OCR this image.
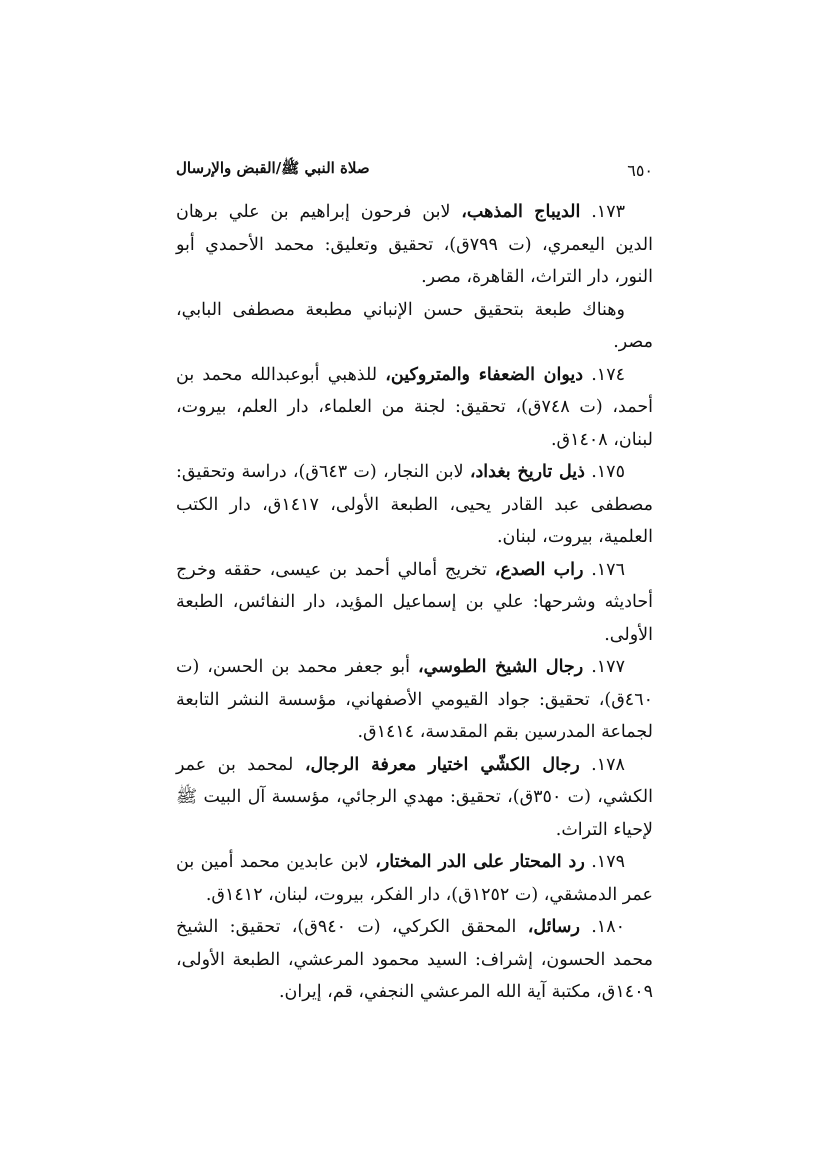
٦٥٠
صلاة النبي ﷺ/القبض والإرسال

١٧٣. الديباج المذهب، لابن فرحون إبراهيم بن علي برهان الدين اليعمري، (ت ٧٩٩ق)، تحقيق وتعليق: محمد الأحمدي أبو النور، دار التراث، القاهرة، مصر.

وهناك طبعة بتحقيق حسن الإنباني مطبعة مصطفى البابي، مصر.

١٧٤. ديوان الضعفاء والمتروكين، للذهبي أبوعبدالله محمد بن أحمد، (ت ٧٤٨ق)، تحقيق: لجنة من العلماء، دار العلم، بيروت، لبنان، ١٤٠٨ق.

١٧٥. ذيل تاريخ بغداد، لابن النجار، (ت ٦٤٣ق)، دراسة وتحقيق: مصطفى عبد القادر يحيى، الطبعة الأولى، ١٤١٧ق، دار الكتب العلمية، بيروت، لبنان.

١٧٦. راب الصدع، تخريج أمالي أحمد بن عيسى، حققه وخرج أحاديثه وشرحها: علي بن إسماعيل المؤيد، دار النفائس، الطبعة الأولى.

١٧٧. رجال الشيخ الطوسي، أبو جعفر محمد بن الحسن، (ت ٤٦٠ق)، تحقيق: جواد القيومي الأصفهاني، مؤسسة النشر التابعة لجماعة المدرسين بقم المقدسة، ١٤١٤ق.

١٧٨. رجال الكشّي اختيار معرفة الرجال، لمحمد بن عمر الكشي، (ت ٣٥٠ق)، تحقيق: مهدي الرجائي، مؤسسة آل البيت ﷺ لإحياء التراث.

١٧٩. رد المحتار على الدر المختار، لابن عابدين محمد أمين بن عمر الدمشقي، (ت ١٢٥٢ق)، دار الفكر، بيروت، لبنان، ١٤١٢ق.

١٨٠. رسائل، المحقق الكركي، (ت ٩٤٠ق)، تحقيق: الشيخ محمد الحسون، إشراف: السيد محمود المرعشي، الطبعة الأولى، ١٤٠٩ق، مكتبة آية الله المرعشي النجفي، قم، إيران.
